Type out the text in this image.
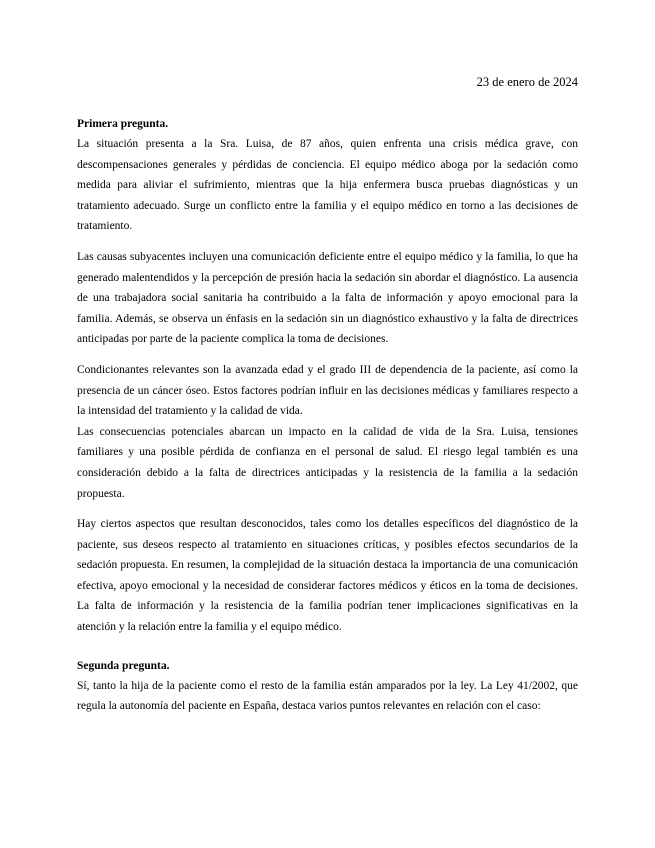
23 de enero de 2024
Primera pregunta.

La situación presenta a la Sra. Luisa, de 87 años, quien enfrenta una crisis médica grave, con descompensaciones generales y pérdidas de conciencia. El equipo médico aboga por la sedación como medida para aliviar el sufrimiento, mientras que la hija enfermera busca pruebas diagnósticas y un tratamiento adecuado. Surge un conflicto entre la familia y el equipo médico en torno a las decisiones de tratamiento.

Las causas subyacentes incluyen una comunicación deficiente entre el equipo médico y la familia, lo que ha generado malentendidos y la percepción de presión hacia la sedación sin abordar el diagnóstico. La ausencia de una trabajadora social sanitaria ha contribuido a la falta de información y apoyo emocional para la familia. Además, se observa un énfasis en la sedación sin un diagnóstico exhaustivo y la falta de directrices anticipadas por parte de la paciente complica la toma de decisiones.

Condicionantes relevantes son la avanzada edad y el grado III de dependencia de la paciente, así como la presencia de un cáncer óseo. Estos factores podrían influir en las decisiones médicas y familiares respecto a la intensidad del tratamiento y la calidad de vida.

Las consecuencias potenciales abarcan un impacto en la calidad de vida de la Sra. Luisa, tensiones familiares y una posible pérdida de confianza en el personal de salud. El riesgo legal también es una consideración debido a la falta de directrices anticipadas y la resistencia de la familia a la sedación propuesta.

Hay ciertos aspectos que resultan desconocidos, tales como los detalles específicos del diagnóstico de la paciente, sus deseos respecto al tratamiento en situaciones críticas, y posibles efectos secundarios de la sedación propuesta. En resumen, la complejidad de la situación destaca la importancia de una comunicación efectiva, apoyo emocional y la necesidad de considerar factores médicos y éticos en la toma de decisiones. La falta de información y la resistencia de la familia podrían tener implicaciones significativas en la atención y la relación entre la familia y el equipo médico.

Segunda pregunta.

Sí, tanto la hija de la paciente como el resto de la familia están amparados por la ley. La Ley 41/2002, que regula la autonomía del paciente en España, destaca varios puntos relevantes en relación con el caso:
